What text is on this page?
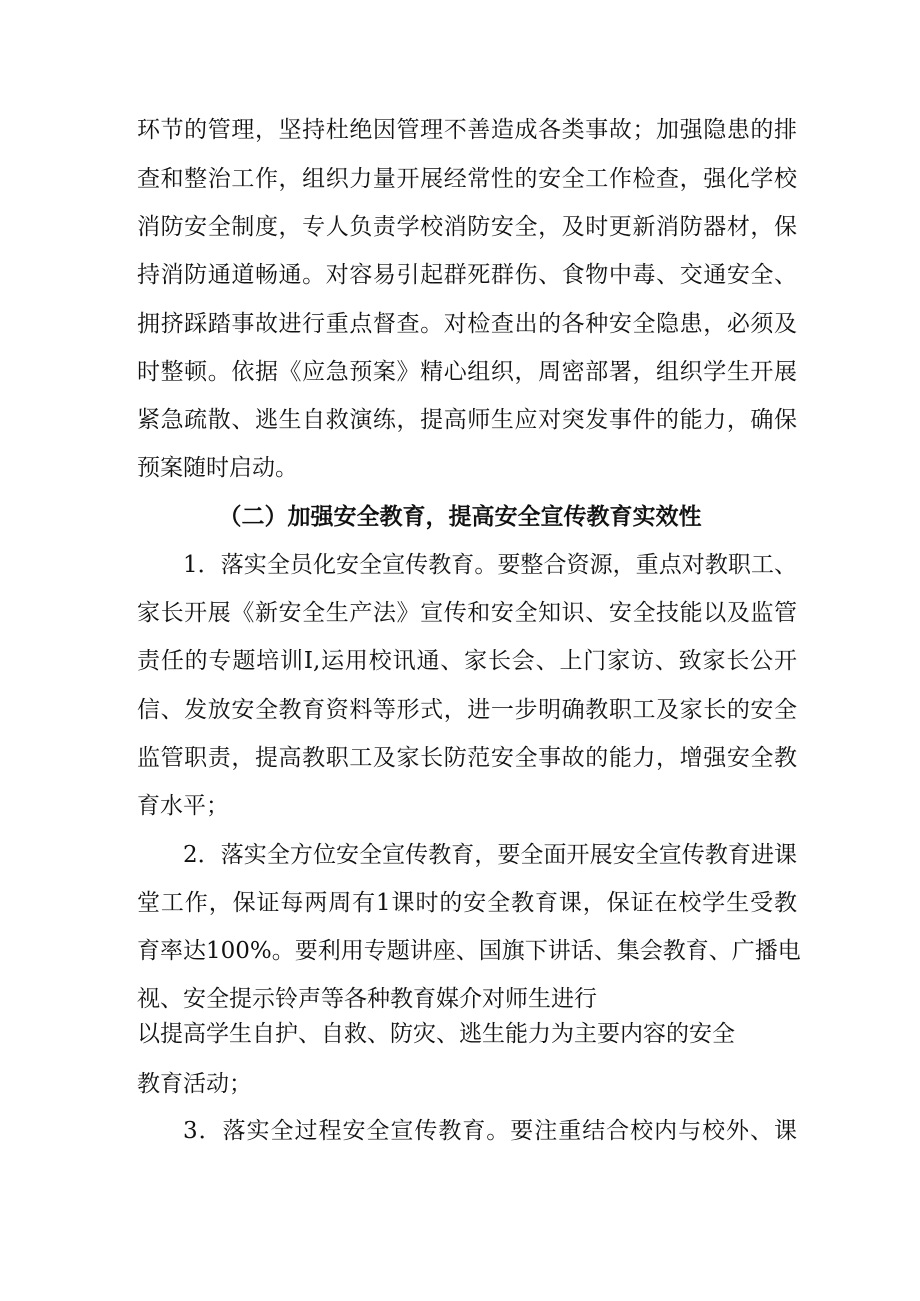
环节的管理，坚持杜绝因管理不善造成各类事故；加强隐患的排
查和整治工作，组织力量开展经常性的安全工作检查，强化学校
消防安全制度，专人负责学校消防安全，及时更新消防器材，保
持消防通道畅通。对容易引起群死群伤、食物中毒、交通安全、
拥挤踩踏事故进行重点督查。对检查出的各种安全隐患，必须及
时整顿。依据《应急预案》精心组织，周密部署，组织学生开展
紧急疏散、逃生自救演练，提高师生应对突发事件的能力，确保
预案随时启动。
（二）加强安全教育，提高安全宣传教育实效性
1．落实全员化安全宣传教育。要整合资源，重点对教职工、
家长开展《新安全生产法》宣传和安全知识、安全技能以及监管
责任的专题培训I,运用校讯通、家长会、上门家访、致家长公开
信、发放安全教育资料等形式，进一步明确教职工及家长的安全
监管职责，提高教职工及家长防范安全事故的能力，增强安全教
育水平；
2．落实全方位安全宣传教育，要全面开展安全宣传教育进课
堂工作，保证每两周有1课时的安全教育课，保证在校学生受教
育率达100%。要利用专题讲座、国旗下讲话、集会教育、广播电
视、安全提示铃声等各种教育媒介对师生进行
以提高学生自护、自救、防灾、逃生能力为主要内容的安全
教育活动；
3．落实全过程安全宣传教育。要注重结合校内与校外、课
